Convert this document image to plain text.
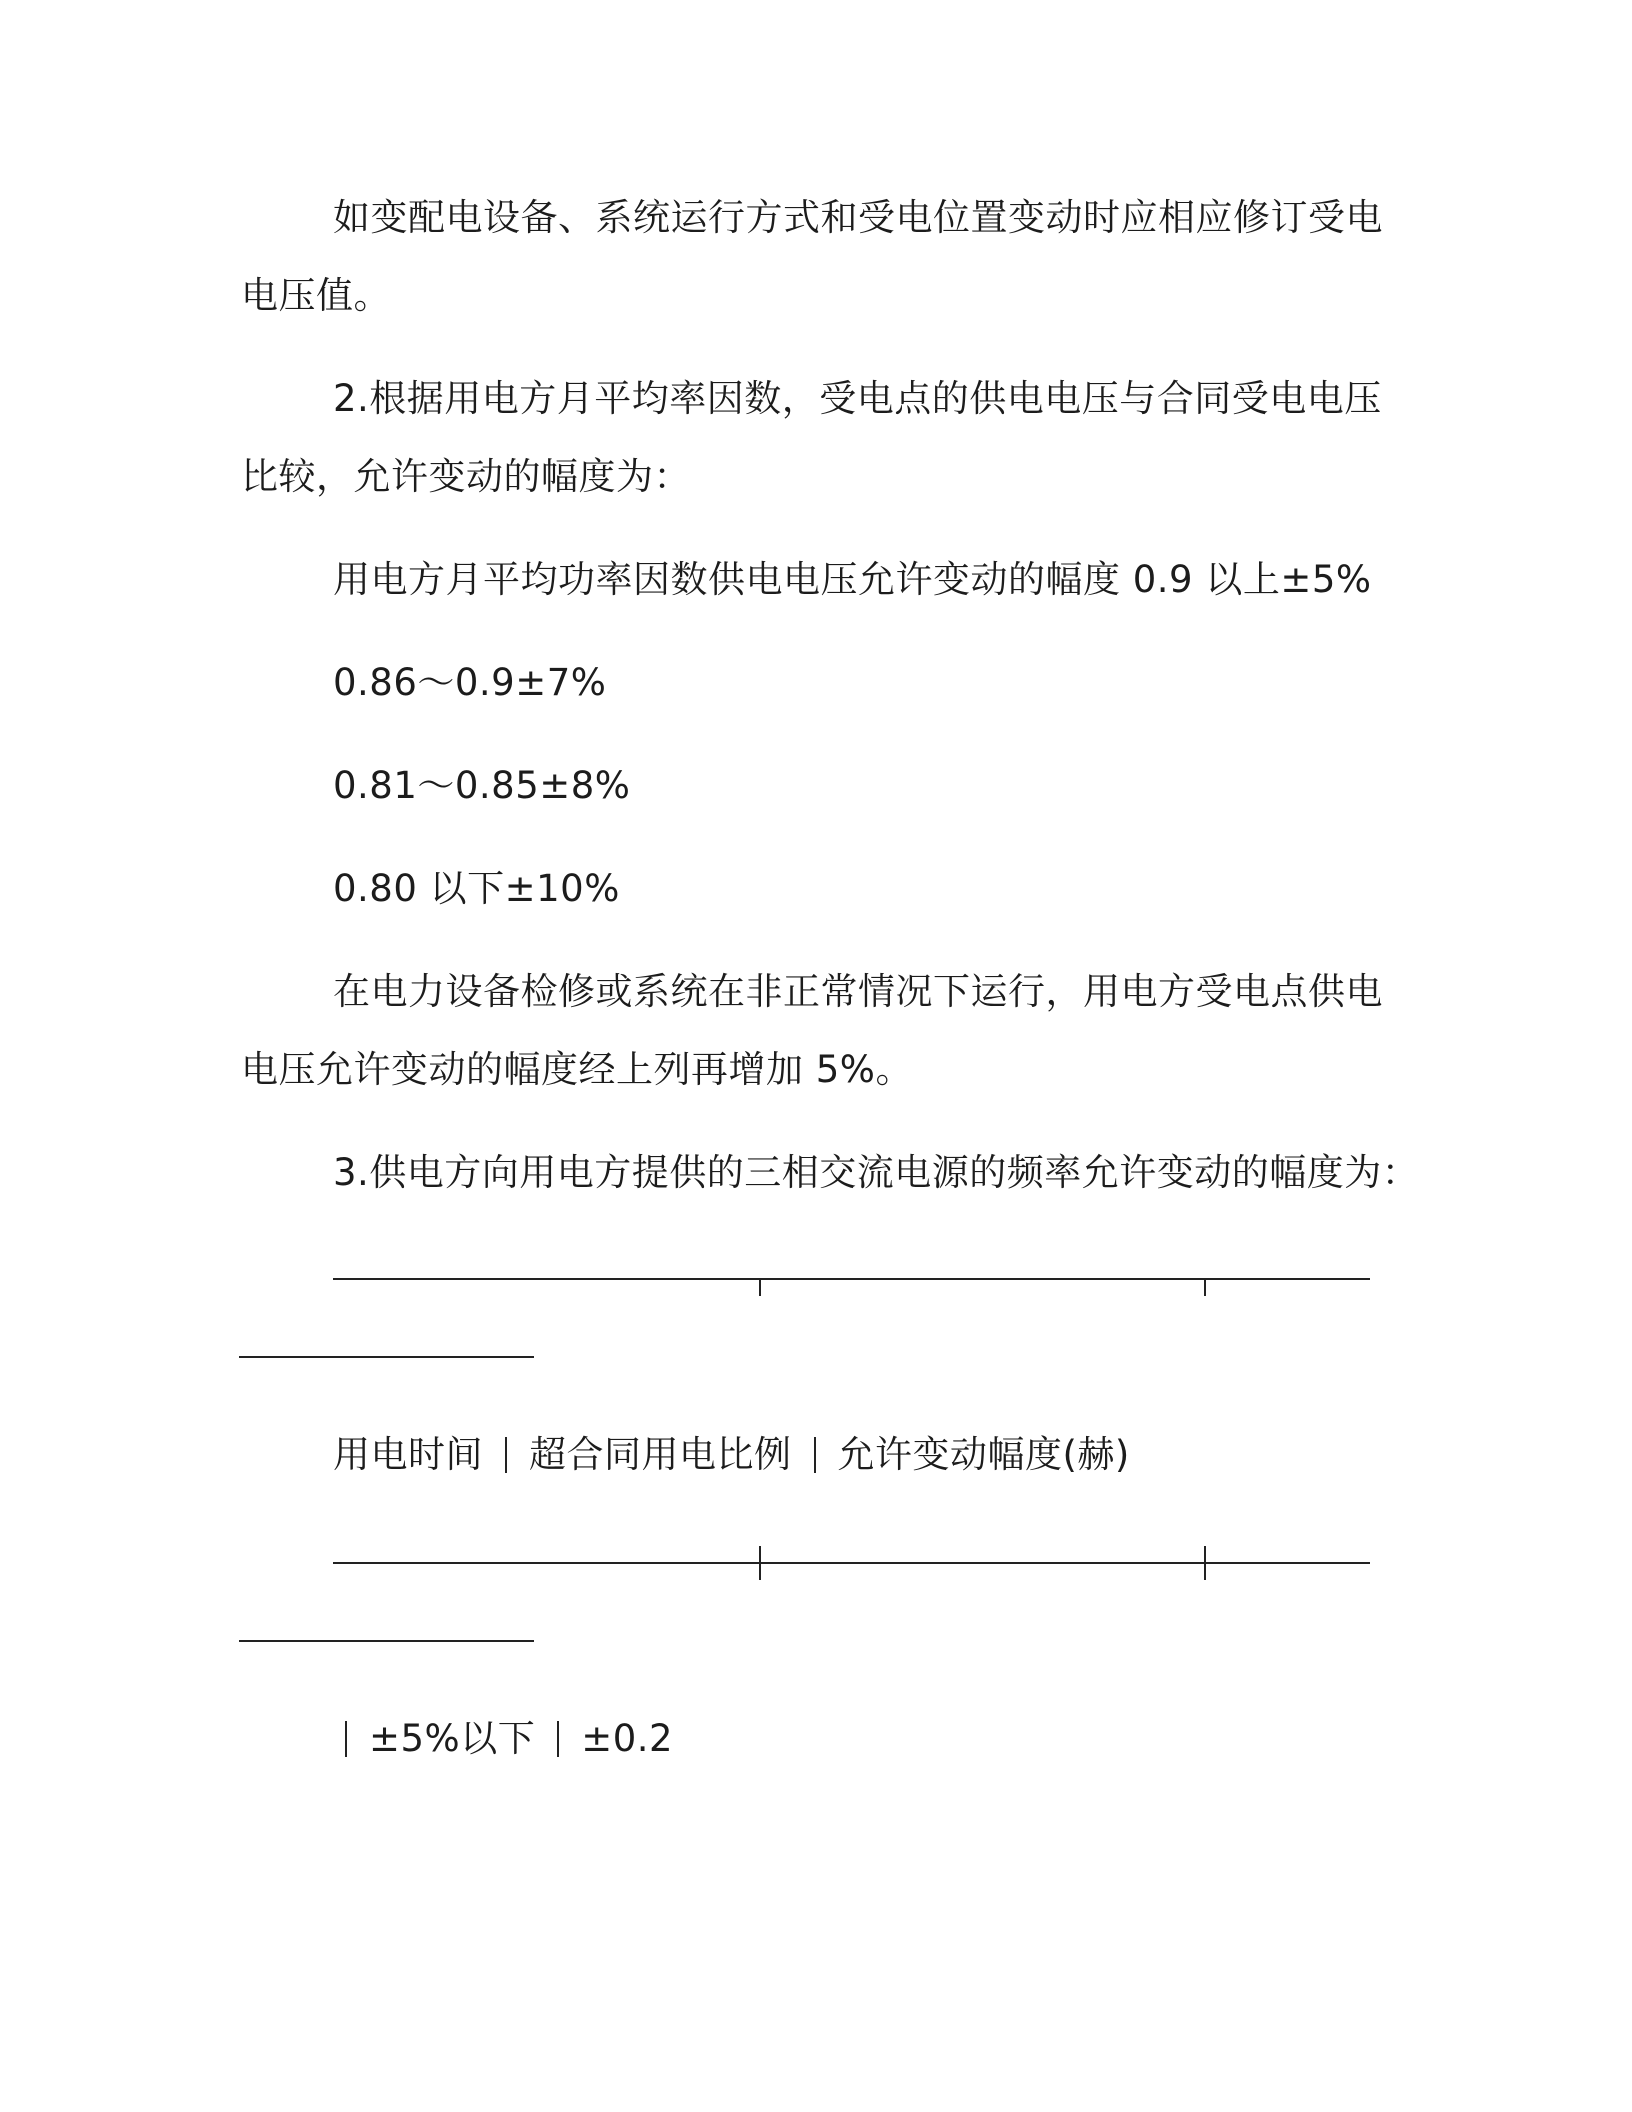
如变配电设备、系统运行方式和受电位置变动时应相应修订受电
电压值。
2.根据用电方月平均率因数，受电点的供电电压与合同受电电压
比较，允许变动的幅度为：
用电方月平均功率因数供电电压允许变动的幅度 0.9 以上±5%
0.86～0.9±7%
0.81～0.85±8%
0.80 以下±10%
在电力设备检修或系统在非正常情况下运行，用电方受电点供电
电压允许变动的幅度经上列再增加 5%。
3.供电方向用电方提供的三相交流电源的频率允许变动的幅度为：
用电时间 超合同用电比例 允许变动幅度(赫)
±5%以下 ±0.2
